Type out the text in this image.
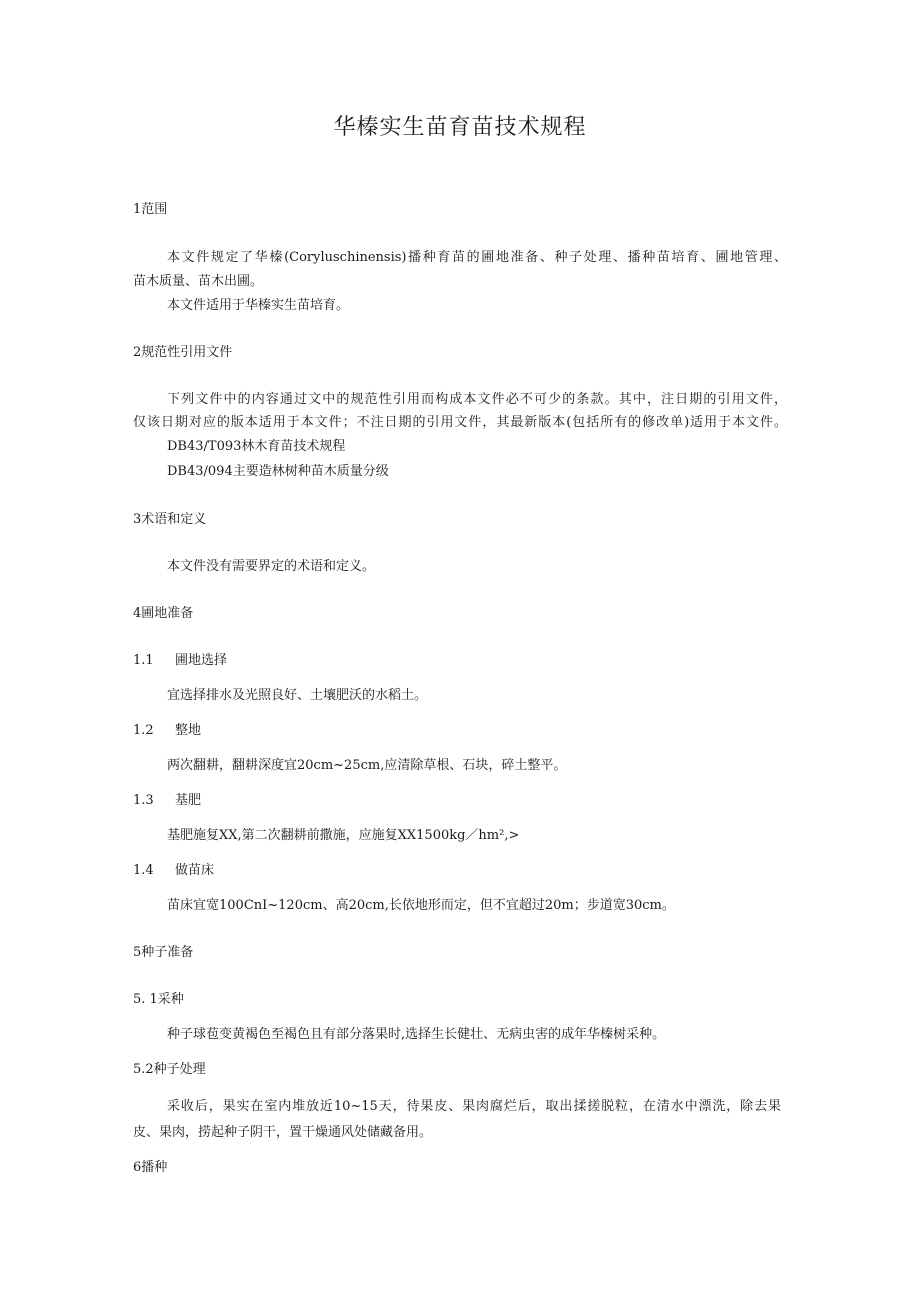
华榛实生苗育苗技术规程
1范围
本文件规定了华榛(Coryluschinensis)播种育苗的圃地准备、种子处理、播种苗培育、圃地管理、
苗木质量、苗木出圃。
本文件适用于华榛实生苗培育。
2规范性引用文件
下列文件中的内容通过文中的规范性引用而构成本文件必不可少的条款。其中，注日期的引用文件，
仅该日期对应的版本适用于本文件；不注日期的引用文件，其最新版本(包括所有的修改单)适用于本文件。
DB43/T093林木育苗技术规程
DB43/094主要造林树种苗木质量分级
3术语和定义
本文件没有需要界定的术语和定义。
4圃地准备
1.1 圃地选择
宜选择排水及光照良好、土壤肥沃的水稻土。
1.2 整地
两次翻耕，翻耕深度宜20cm~25cm,应清除草根、石块，碎土整平。
1.3 基肥
基肥施复XX,第二次翻耕前撒施，应施复XX1500kg／hm²,>
1.4 做苗床
苗床宜宽100CnI~120cm、高20cm,长依地形而定，但不宜超过20m；步道宽30cm。
5种子准备
5. 1采种
种子球苞变黄褐色至褐色且有部分落果时,选择生长健壮、无病虫害的成年华榛树采种。
5.2种子处理
采收后，果实在室内堆放近10~15天，待果皮、果肉腐烂后，取出揉搓脱粒，在清水中漂洗，除去果
皮、果肉，捞起种子阴干，置干燥通风处储藏备用。
6播种
